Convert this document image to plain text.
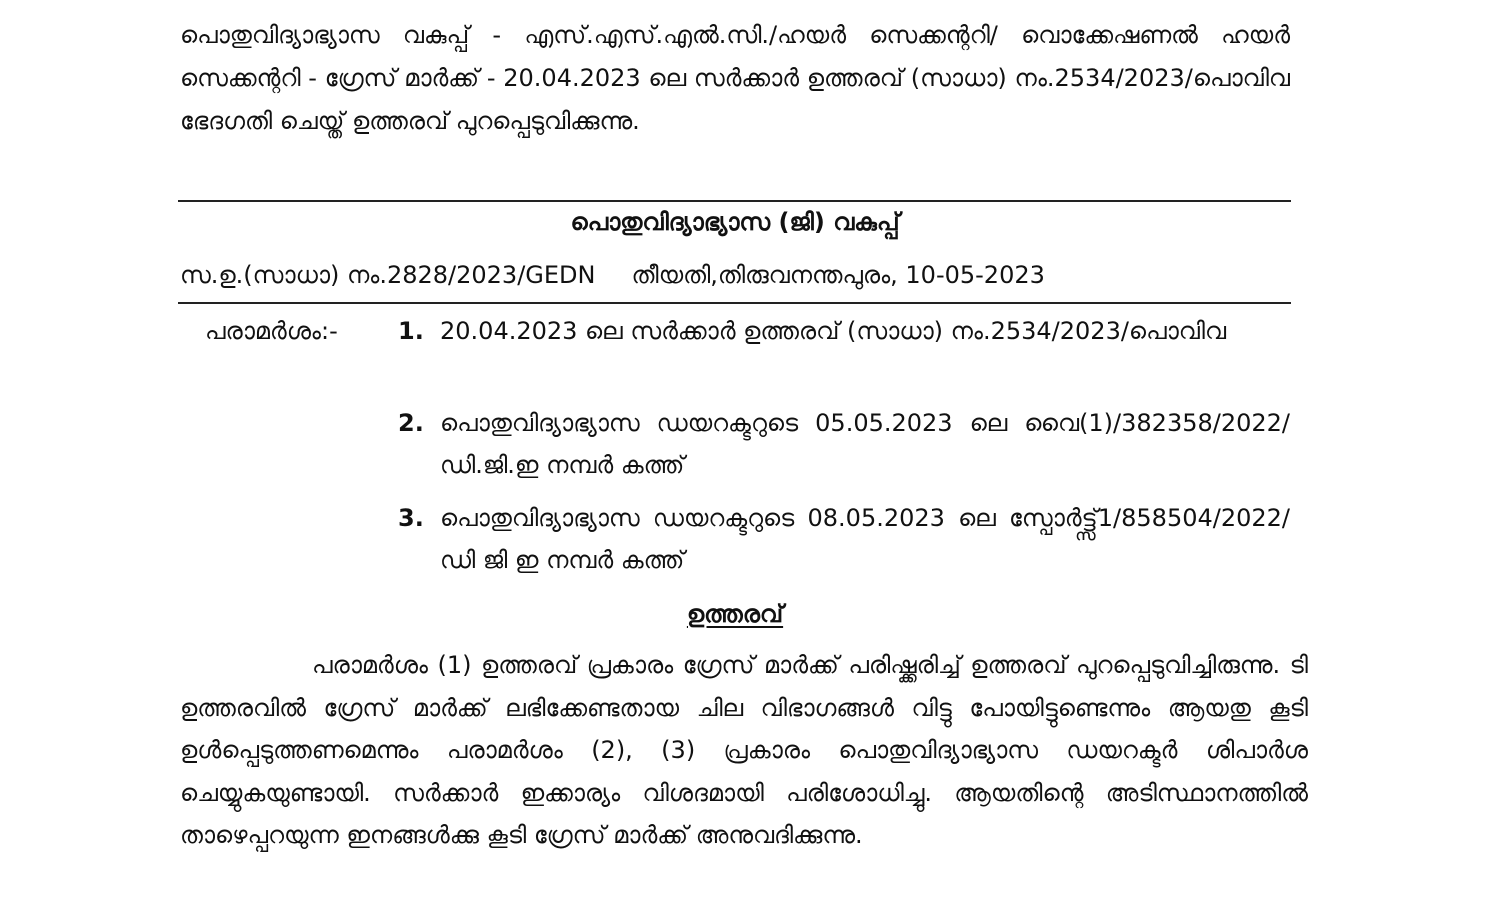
പൊതുവിദ്യാഭ്യാസ വകുപ്പ് - എസ്.എസ്.എൽ.സി./ഹയർ സെക്കന്ററി/ വൊക്കേഷണൽ ഹയർ സെക്കന്ററി - ഗ്രേസ് മാർക്ക് - 20.04.2023 ലെ സർക്കാർ ഉത്തരവ് (സാധാ) നം.2534/2023/പൊവിവ ഭേദഗതി ചെയ്ത് ഉത്തരവ് പുറപ്പെടുവിക്കുന്നു.
പൊതുവിദ്യാഭ്യാസ (ജി) വകുപ്പ്
സ.ഉ.(സാധാ) നം.2828/2023/GEDN തീയതി,തിരുവനന്തപുരം, 10-05-2023
പരാമർശം:-	1. 20.04.2023 ലെ സർക്കാർ ഉത്തരവ് (സാധാ) നം.2534/2023/പൊവിവ
2. പൊതുവിദ്യാഭ്യാസ ഡയറക്ടറുടെ 05.05.2023 ലെ വൈ(1)/382358/2022/ഡി.ജി.ഇ നമ്പർ കത്ത്
3. പൊതുവിദ്യാഭ്യാസ ഡയറക്ടറുടെ 08.05.2023 ലെ സ്പോർട്ട്സ്1/858504/2022/ഡി ജി ഇ നമ്പർ കത്ത്
ഉത്തരവ്
പരാമർശം (1) ഉത്തരവ് പ്രകാരം ഗ്രേസ് മാർക്ക് പരിഷ്ക്കരിച്ച് ഉത്തരവ് പുറപ്പെടുവിച്ചിരുന്നു. ടി ഉത്തരവിൽ ഗ്രേസ് മാർക്ക് ലഭിക്കേണ്ടതായ ചില വിഭാഗങ്ങൾ വിട്ടു പോയിട്ടുണ്ടെന്നും ആയതു കൂടി ഉൾപ്പെടുത്തണമെന്നും പരാമർശം (2), (3) പ്രകാരം പൊതുവിദ്യാഭ്യാസ ഡയറക്ടർ ശിപാർശ ചെയ്യുകയുണ്ടായി. സർക്കാർ ഇക്കാര്യം വിശദമായി പരിശോധിച്ചു. ആയതിന്റെ അടിസ്ഥാനത്തിൽ താഴെപ്പറയുന്ന ഇനങ്ങൾക്കു കൂടി ഗ്രേസ് മാർക്ക് അനുവദിക്കുന്നു.
